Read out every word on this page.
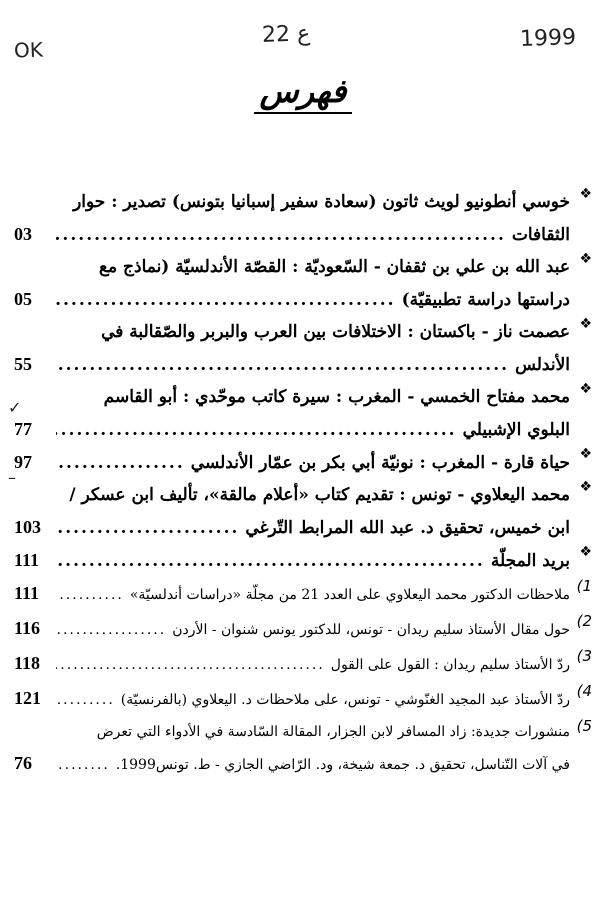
OK
22 ع	1999
فهرس
❖
خوسي أنطونيو لويث ثاتون (سعادة سفير إسبانيا بتونس) تصدير : حوار
الثقافات
.....
03
❖
عبد الله بن علي بن ثقفان - السّعوديّة : القصّة الأندلسيّة (نماذج مع
دراستها دراسة تطبيقيّة)
.....
05
❖
عصمت ناز - باكستان : الاختلافات بين العرب والبربر والصّقالبة في
الأندلس
.....
55
❖
محمد مفتاح الخمسي - المغرب : سيرة كاتب موحّدي : أبو القاسم
البلوي الإشبيلي
.....
77
❖
حياة قارة - المغرب : نونيّة أبي بكر بن عمّار الأندلسي
.....
97
❖
محمد اليعلاوي - تونس : تقديم كتاب «أعلام مالقة»، تأليف ابن عسكر /
ابن خميس، تحقيق د. عبد الله المرابط التّرغي
.....
103
❖
بريد المجلّة
.....
111
1)
ملاحظات الدكتور محمد اليعلاوي على العدد 21 من مجلّة «دراسات أندلسيّة»
.....
111
2)
حول مقال الأستاذ سليم ريدان - تونس، للدكتور يونس شنوان - الأردن
.....
116
3)
ردّ الأستاذ سليم ريدان : القول على القول
.....
118
4)
ردّ الأستاذ عبد المجيد الغنّوشي - تونس، على ملاحظات د. اليعلاوي (بالفرنسيّة)
.....
121
5)
منشورات جديدة: زاد المسافر لابن الجزار، المقالة السّادسة في الأدواء التي تعرض
في آلات التّناسل، تحقيق د. جمعة شيخة، ود. الرّاضي الجازي - ط. تونس1999.
.....
76
✓
–
